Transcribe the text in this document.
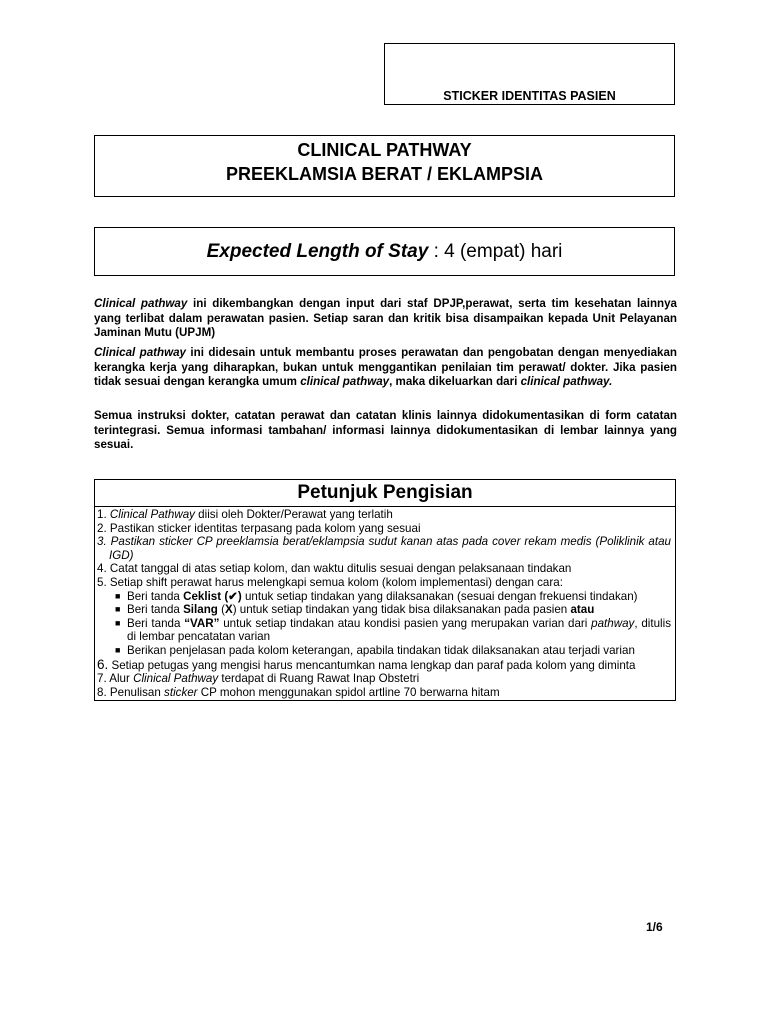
STICKER IDENTITAS PASIEN
CLINICAL PATHWAY
PREEKLAMSIA BERAT / EKLAMPSIA
Expected Length of Stay : 4 (empat) hari
Clinical pathway ini dikembangkan dengan input dari staf DPJP,perawat, serta tim kesehatan lainnya yang terlibat dalam perawatan pasien. Setiap saran dan kritik bisa disampaikan kepada Unit Pelayanan Jaminan Mutu (UPJM)
Clinical pathway ini didesain untuk membantu proses perawatan dan pengobatan dengan menyediakan kerangka kerja yang diharapkan, bukan untuk menggantikan penilaian tim perawat/ dokter. Jika pasien tidak sesuai dengan kerangka umum clinical pathway, maka dikeluarkan dari clinical pathway.
Semua instruksi dokter, catatan perawat dan catatan klinis lainnya didokumentasikan di form catatan terintegrasi. Semua informasi tambahan/ informasi lainnya didokumentasikan di lembar lainnya yang sesuai.
Petunjuk Pengisian
1. Clinical Pathway diisi oleh Dokter/Perawat yang terlatih
2. Pastikan sticker identitas terpasang pada kolom yang sesuai
3. Pastikan sticker CP preeklamsia berat/eklampsia sudut kanan atas pada cover rekam medis (Poliklinik atau IGD)
4. Catat tanggal di atas setiap kolom, dan waktu ditulis sesuai dengan pelaksanaan tindakan
5. Setiap shift perawat harus melengkapi semua kolom (kolom implementasi) dengan cara:
■ Beri tanda Ceklist (✔) untuk setiap tindakan yang dilaksanakan (sesuai dengan frekuensi tindakan)
■ Beri tanda Silang (X) untuk setiap tindakan yang tidak bisa dilaksanakan pada pasien atau
■ Beri tanda “VAR” untuk setiap tindakan atau kondisi pasien yang merupakan varian dari pathway, ditulis di lembar pencatatan varian
■ Berikan penjelasan pada kolom keterangan, apabila tindakan tidak dilaksanakan atau terjadi varian
6. Setiap petugas yang mengisi harus mencantumkan nama lengkap dan paraf pada kolom yang diminta
7. Alur Clinical Pathway terdapat di Ruang Rawat Inap Obstetri
8. Penulisan sticker CP mohon menggunakan spidol artline 70 berwarna hitam
1/6
